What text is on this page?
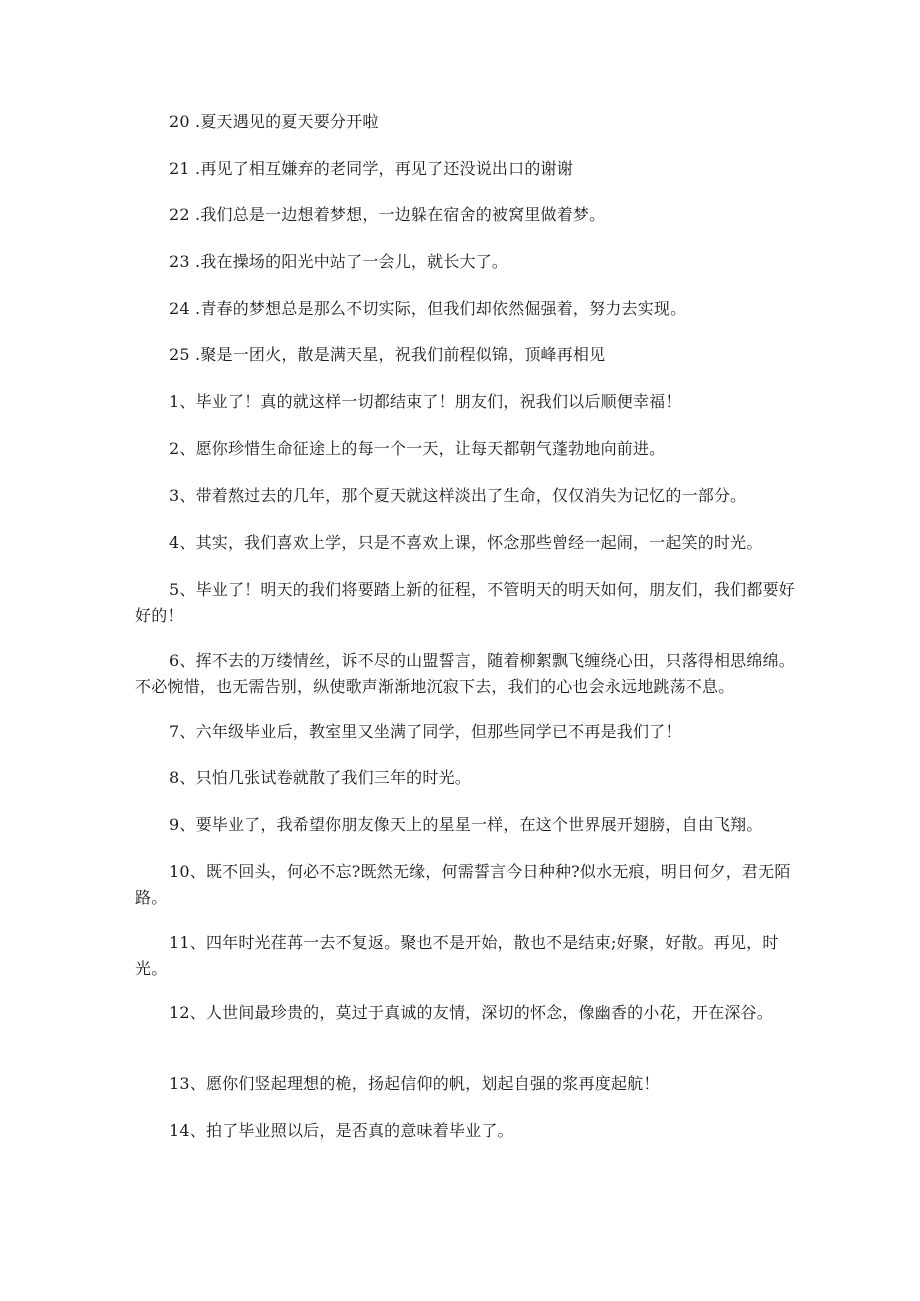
20 .夏天遇见的夏天要分开啦

21 .再见了相互嫌弃的老同学，再见了还没说出口的谢谢

22 .我们总是一边想着梦想，一边躲在宿舍的被窝里做着梦。

23 .我在操场的阳光中站了一会儿，就长大了。

24 .青春的梦想总是那么不切实际，但我们却依然倔强着，努力去实现。

25 .聚是一团火，散是满天星，祝我们前程似锦，顶峰再相见

1、毕业了！真的就这样一切都结束了！朋友们，祝我们以后顺便幸福！

2、愿你珍惜生命征途上的每一个一天，让每天都朝气蓬勃地向前进。

3、带着熬过去的几年，那个夏天就这样淡出了生命，仅仅消失为记忆的一部分。

4、其实，我们喜欢上学，只是不喜欢上课，怀念那些曾经一起闹，一起笑的时光。

5、毕业了！明天的我们将要踏上新的征程，不管明天的明天如何，朋友们，我们都要好好的！

6、挥不去的万缕情丝，诉不尽的山盟誓言，随着柳絮飘飞缠绕心田，只落得相思绵绵。不必惋惜，也无需告别，纵使歌声渐渐地沉寂下去，我们的心也会永远地跳荡不息。

7、六年级毕业后，教室里又坐满了同学，但那些同学已不再是我们了！

8、只怕几张试卷就散了我们三年的时光。

9、要毕业了，我希望你朋友像天上的星星一样，在这个世界展开翅膀，自由飞翔。

10、既不回头，何必不忘?既然无缘，何需誓言今日种种?似水无痕，明日何夕，君无陌路。

11、四年时光荏苒一去不复返。聚也不是开始，散也不是结束;好聚，好散。再见，时光。

12、人世间最珍贵的，莫过于真诚的友情，深切的怀念，像幽香的小花，开在深谷。

13、愿你们竖起理想的桅，扬起信仰的帆，划起自强的浆再度起航！

14、拍了毕业照以后，是否真的意味着毕业了。
